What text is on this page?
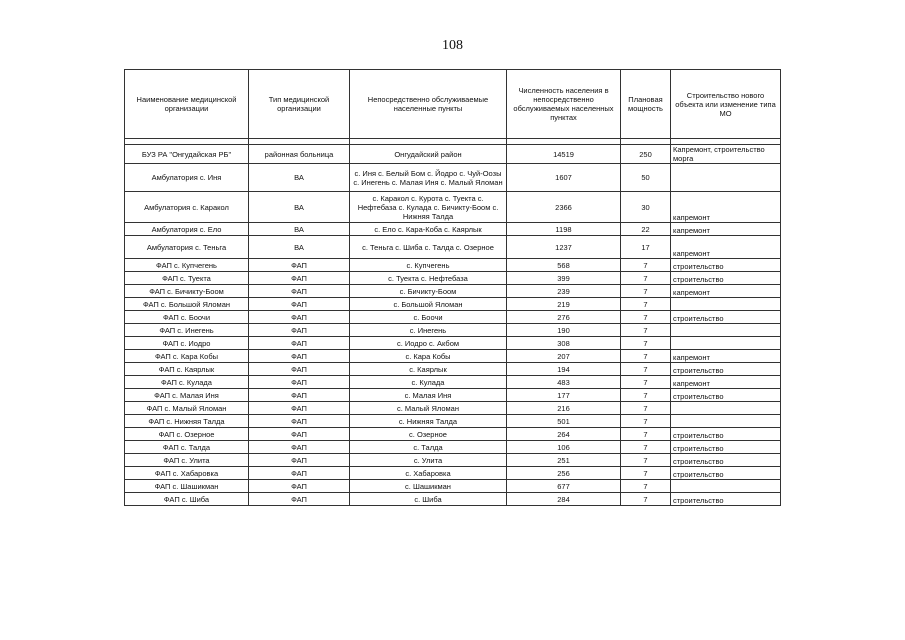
108
Наименование медицинской организации	Тип медицинской организации	Непосредственно обслуживаемые населенные пункты	Численность населения в непосредственно обслуживаемых населенных пунктах	Плановая мощность	Строительство нового объекта или изменение типа МО

БУЗ РА "Онгудайская РБ"	районная больница	Онгудайский район	14519	250	Капремонт, строительство морга
Амбулатория с. Иня	ВА	с. Иня с. Белый Бом с. Йодро с. Чуй-Оозы с. Инегень с. Малая Иня с. Малый Яломан	1607	50	
Амбулатория с. Каракол	ВА	с. Каракол с. Курота с. Туекта с. Нефтебаза с. Кулада с. Бичикту-Боом с. Нижняя Талда	2366	30	капремонт
Амбулатория с. Ело	ВА	с. Ело с. Кара-Коба с. Каярлык	1198	22	капремонт
Амбулатория с. Теньга	ВА	с. Теньга с. Шиба с. Талда с. Озерное	1237	17	капремонт
ФАП с. Купчегень	ФАП	с. Купчегень	568	7	строительство
ФАП с. Туекта	ФАП	с. Туекта с. Нефтебаза	399	7	строительство
ФАП с. Бичикту-Боом	ФАП	с. Бичикту-Боом	239	7	капремонт
ФАП с. Большой Яломан	ФАП	с. Большой Яломан	219	7	
ФАП с. Боочи	ФАП	с. Боочи	276	7	строительство
ФАП с. Инегень	ФАП	с. Инегень	190	7	
ФАП с. Иодро	ФАП	с. Иодро с. Акбом	308	7	
ФАП с. Кара Кобы	ФАП	с. Кара Кобы	207	7	капремонт
ФАП с. Каярлык	ФАП	с. Каярлык	194	7	строительство
ФАП с. Кулада	ФАП	с. Кулада	483	7	капремонт
ФАП с. Малая Иня	ФАП	с. Малая Иня	177	7	строительство
ФАП с. Малый Яломан	ФАП	с. Малый Яломан	216	7	
ФАП с. Нижняя Талда	ФАП	с. Нижняя Талда	501	7	
ФАП с. Озерное	ФАП	с. Озерное	264	7	строительство
ФАП с. Талда	ФАП	с. Талда	106	7	строительство
ФАП с. Улита	ФАП	с. Улита	251	7	строительство
ФАП с. Хабаровка	ФАП	с. Хабаровка	256	7	строительство
ФАП с. Шашикман	ФАП	с. Шашикман	677	7	
ФАП с. Шиба	ФАП	с. Шиба	284	7	строительство
